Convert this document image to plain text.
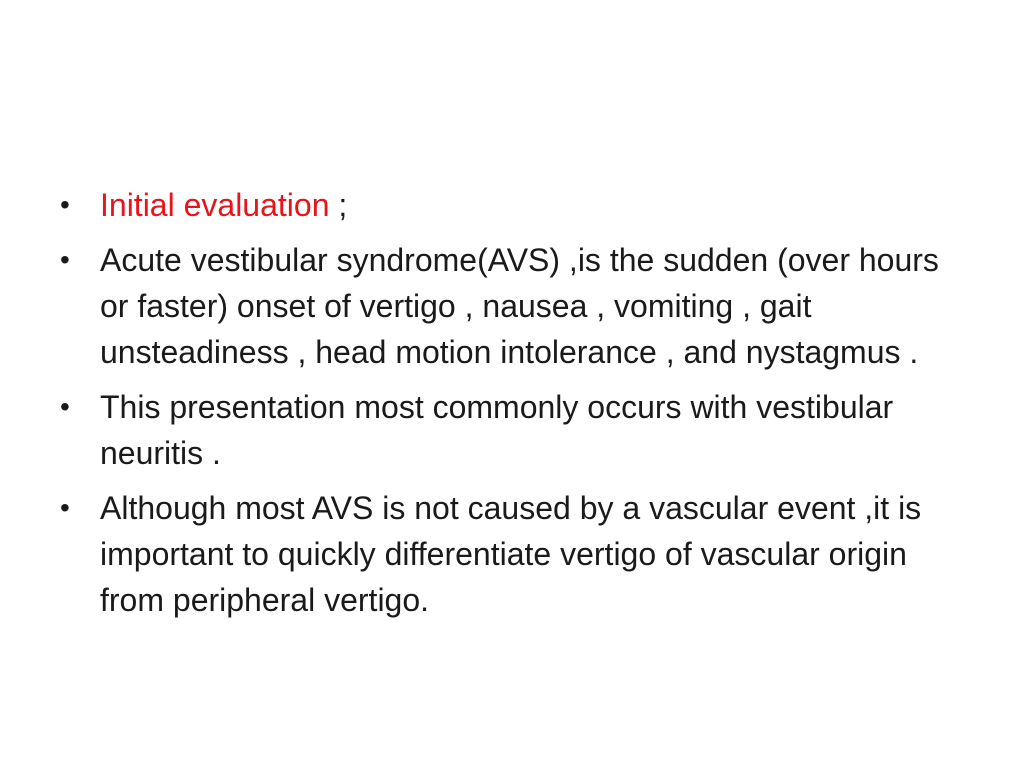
• Initial evaluation ;
• Acute vestibular syndrome(AVS) ,is the sudden (over hours or faster) onset of vertigo , nausea , vomiting , gait unsteadiness , head motion intolerance , and nystagmus .
• This presentation most commonly occurs with vestibular neuritis .
• Although most AVS is not caused by a vascular event ,it is important to quickly differentiate vertigo of vascular origin from peripheral vertigo.
